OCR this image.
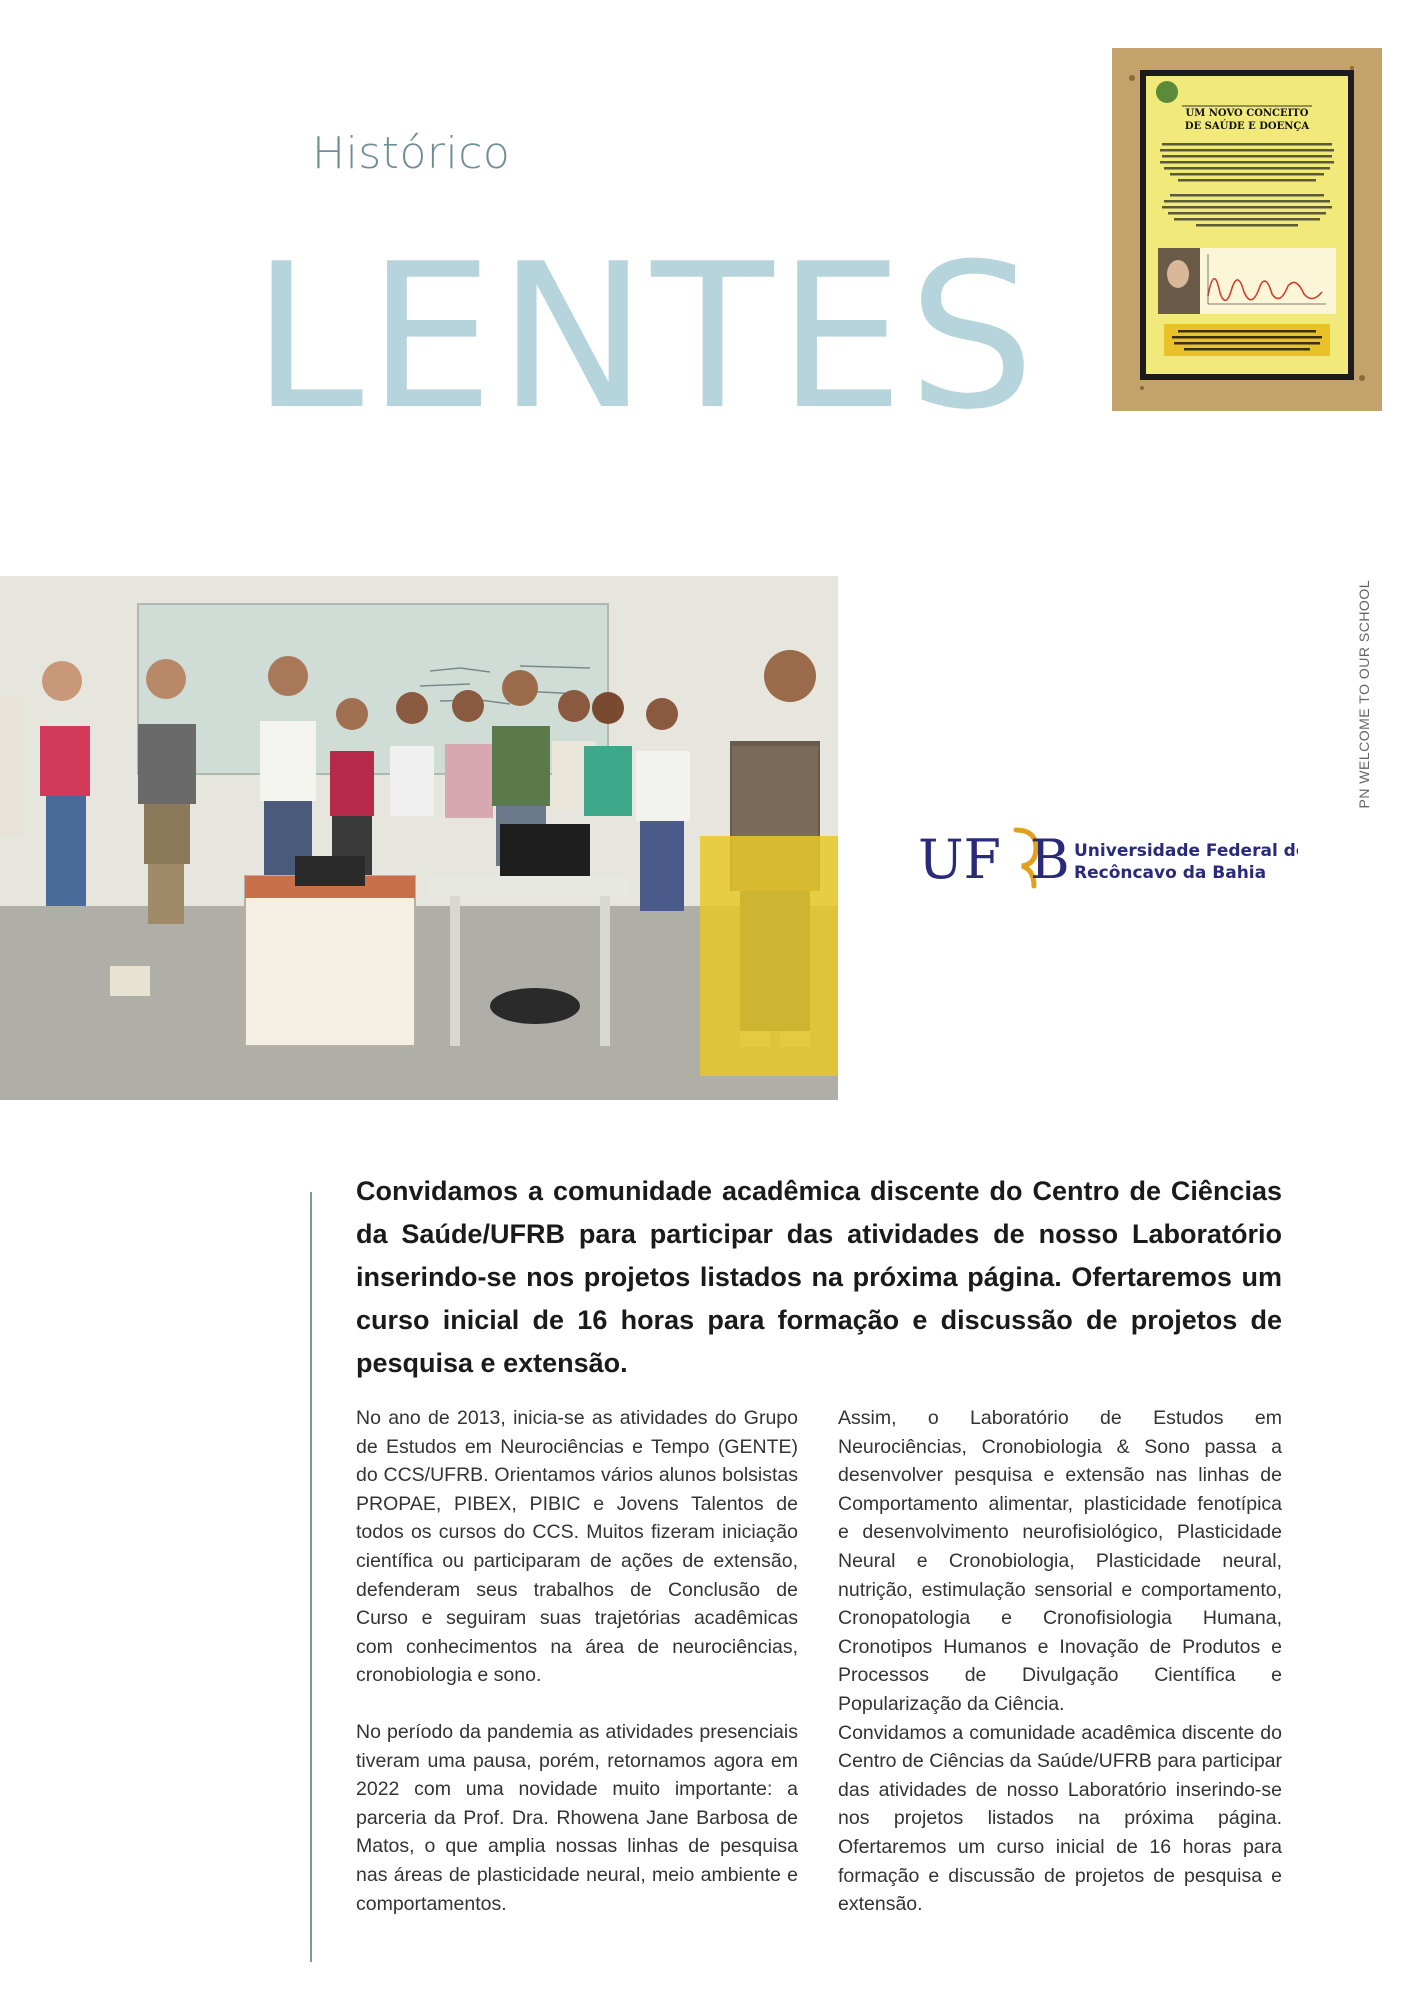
Histórico
LENTES
UM NOVO CONCEITO
DE SAÚDE E DOENÇA
WELCOME TO OUR SCHOOL
PN
UF B Universidade Federal do
Recôncavo da Bahia
Convidamos a comunidade acadêmica discente do Centro de Ciências da Saúde/UFRB para participar das atividades de nosso Laboratório inserindo-se nos projetos listados na próxima página. Ofertaremos um curso inicial de 16 horas para formação e discussão de projetos de pesquisa e extensão.

No ano de 2013, inicia-se as atividades do Grupo de Estudos em Neurociências e Tempo (GENTE) do CCS/UFRB. Orientamos vários alunos bolsistas PROPAE, PIBEX, PIBIC e Jovens Talentos de todos os cursos do CCS. Muitos fizeram iniciação científica ou participaram de ações de extensão, defenderam seus trabalhos de Conclusão de Curso e seguiram suas trajetórias acadêmicas com conhecimentos na área de neurociências, cronobiologia e sono.

No período da pandemia as atividades presenciais tiveram uma pausa, porém, retornamos agora em 2022 com uma novidade muito importante: a parceria da Prof. Dra. Rhowena Jane Barbosa de Matos, o que amplia nossas linhas de pesquisa nas áreas de plasticidade neural, meio ambiente e comportamentos.

Assim, o Laboratório de Estudos em Neurociências, Cronobiologia & Sono passa a desenvolver pesquisa e extensão nas linhas de Comportamento alimentar, plasticidade fenotípica e desenvolvimento neurofisiológico, Plasticidade Neural e Cronobiologia, Plasticidade neural, nutrição, estimulação sensorial e comportamento, Cronopatologia e Cronofisiologia Humana, Cronotipos Humanos e Inovação de Produtos e Processos de Divulgação Científica e Popularização da Ciência.

Convidamos a comunidade acadêmica discente do Centro de Ciências da Saúde/UFRB para participar das atividades de nosso Laboratório inserindo-se nos projetos listados na próxima página. Ofertaremos um curso inicial de 16 horas para formação e discussão de projetos de pesquisa e extensão.
